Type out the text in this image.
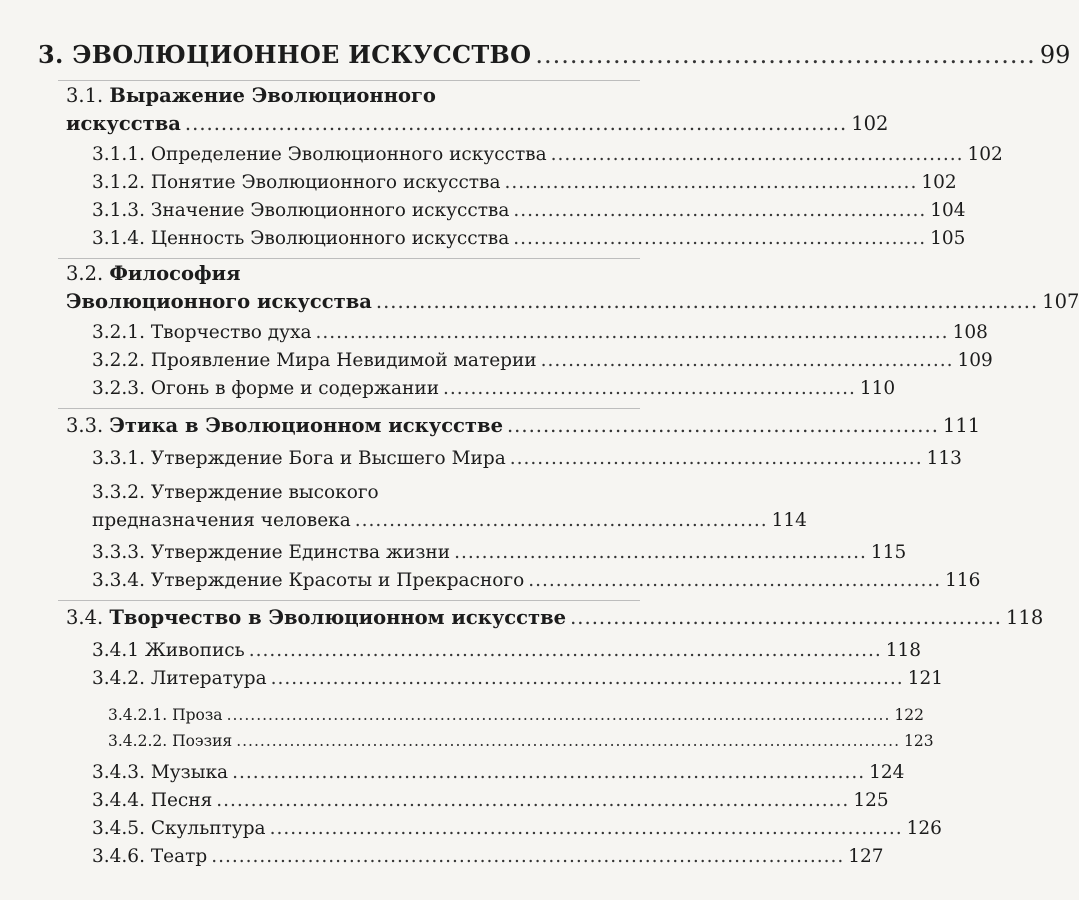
3. ЭВОЛЮЦИОННОЕ ИСКУССТВО .......................................................... 99
3.1. Выражение Эволюционного
искусства ............................................................................................ 102
3.1.1. Определение Эволюционного искусства ............................................................ 102
3.1.2. Понятие Эволюционного искусства ............................................................ 102
3.1.3. Значение Эволюционного искусства ............................................................ 104
3.1.4. Ценность Эволюционного искусства ............................................................ 105
3.2. Философия
Эволюционного искусства ............................................................................................ 107
3.2.1. Творчество духа ............................................................................................ 108
3.2.2. Проявление Мира Невидимой материи ............................................................ 109
3.2.3. Огонь в форме и содержании ............................................................ 110
3.3. Этика в Эволюционном искусстве ............................................................ 111
3.3.1. Утверждение Бога и Высшего Мира ............................................................ 113
3.3.2. Утверждение высокого
предназначения человека ............................................................ 114
3.3.3. Утверждение Единства жизни ............................................................ 115
3.3.4. Утверждение Красоты и Прекрасного ............................................................ 116
3.4. Творчество в Эволюционном искусстве ............................................................ 118
3.4.1 Живопись ............................................................................................ 118
3.4.2. Литература ............................................................................................ 121
3.4.2.1. Проза ................................................................................................................ 122
3.4.2.2. Поэзия ................................................................................................................ 123
3.4.3. Музыка ............................................................................................ 124
3.4.4. Песня ............................................................................................ 125
3.4.5. Скульптура ............................................................................................ 126
3.4.6. Театр ............................................................................................ 127
